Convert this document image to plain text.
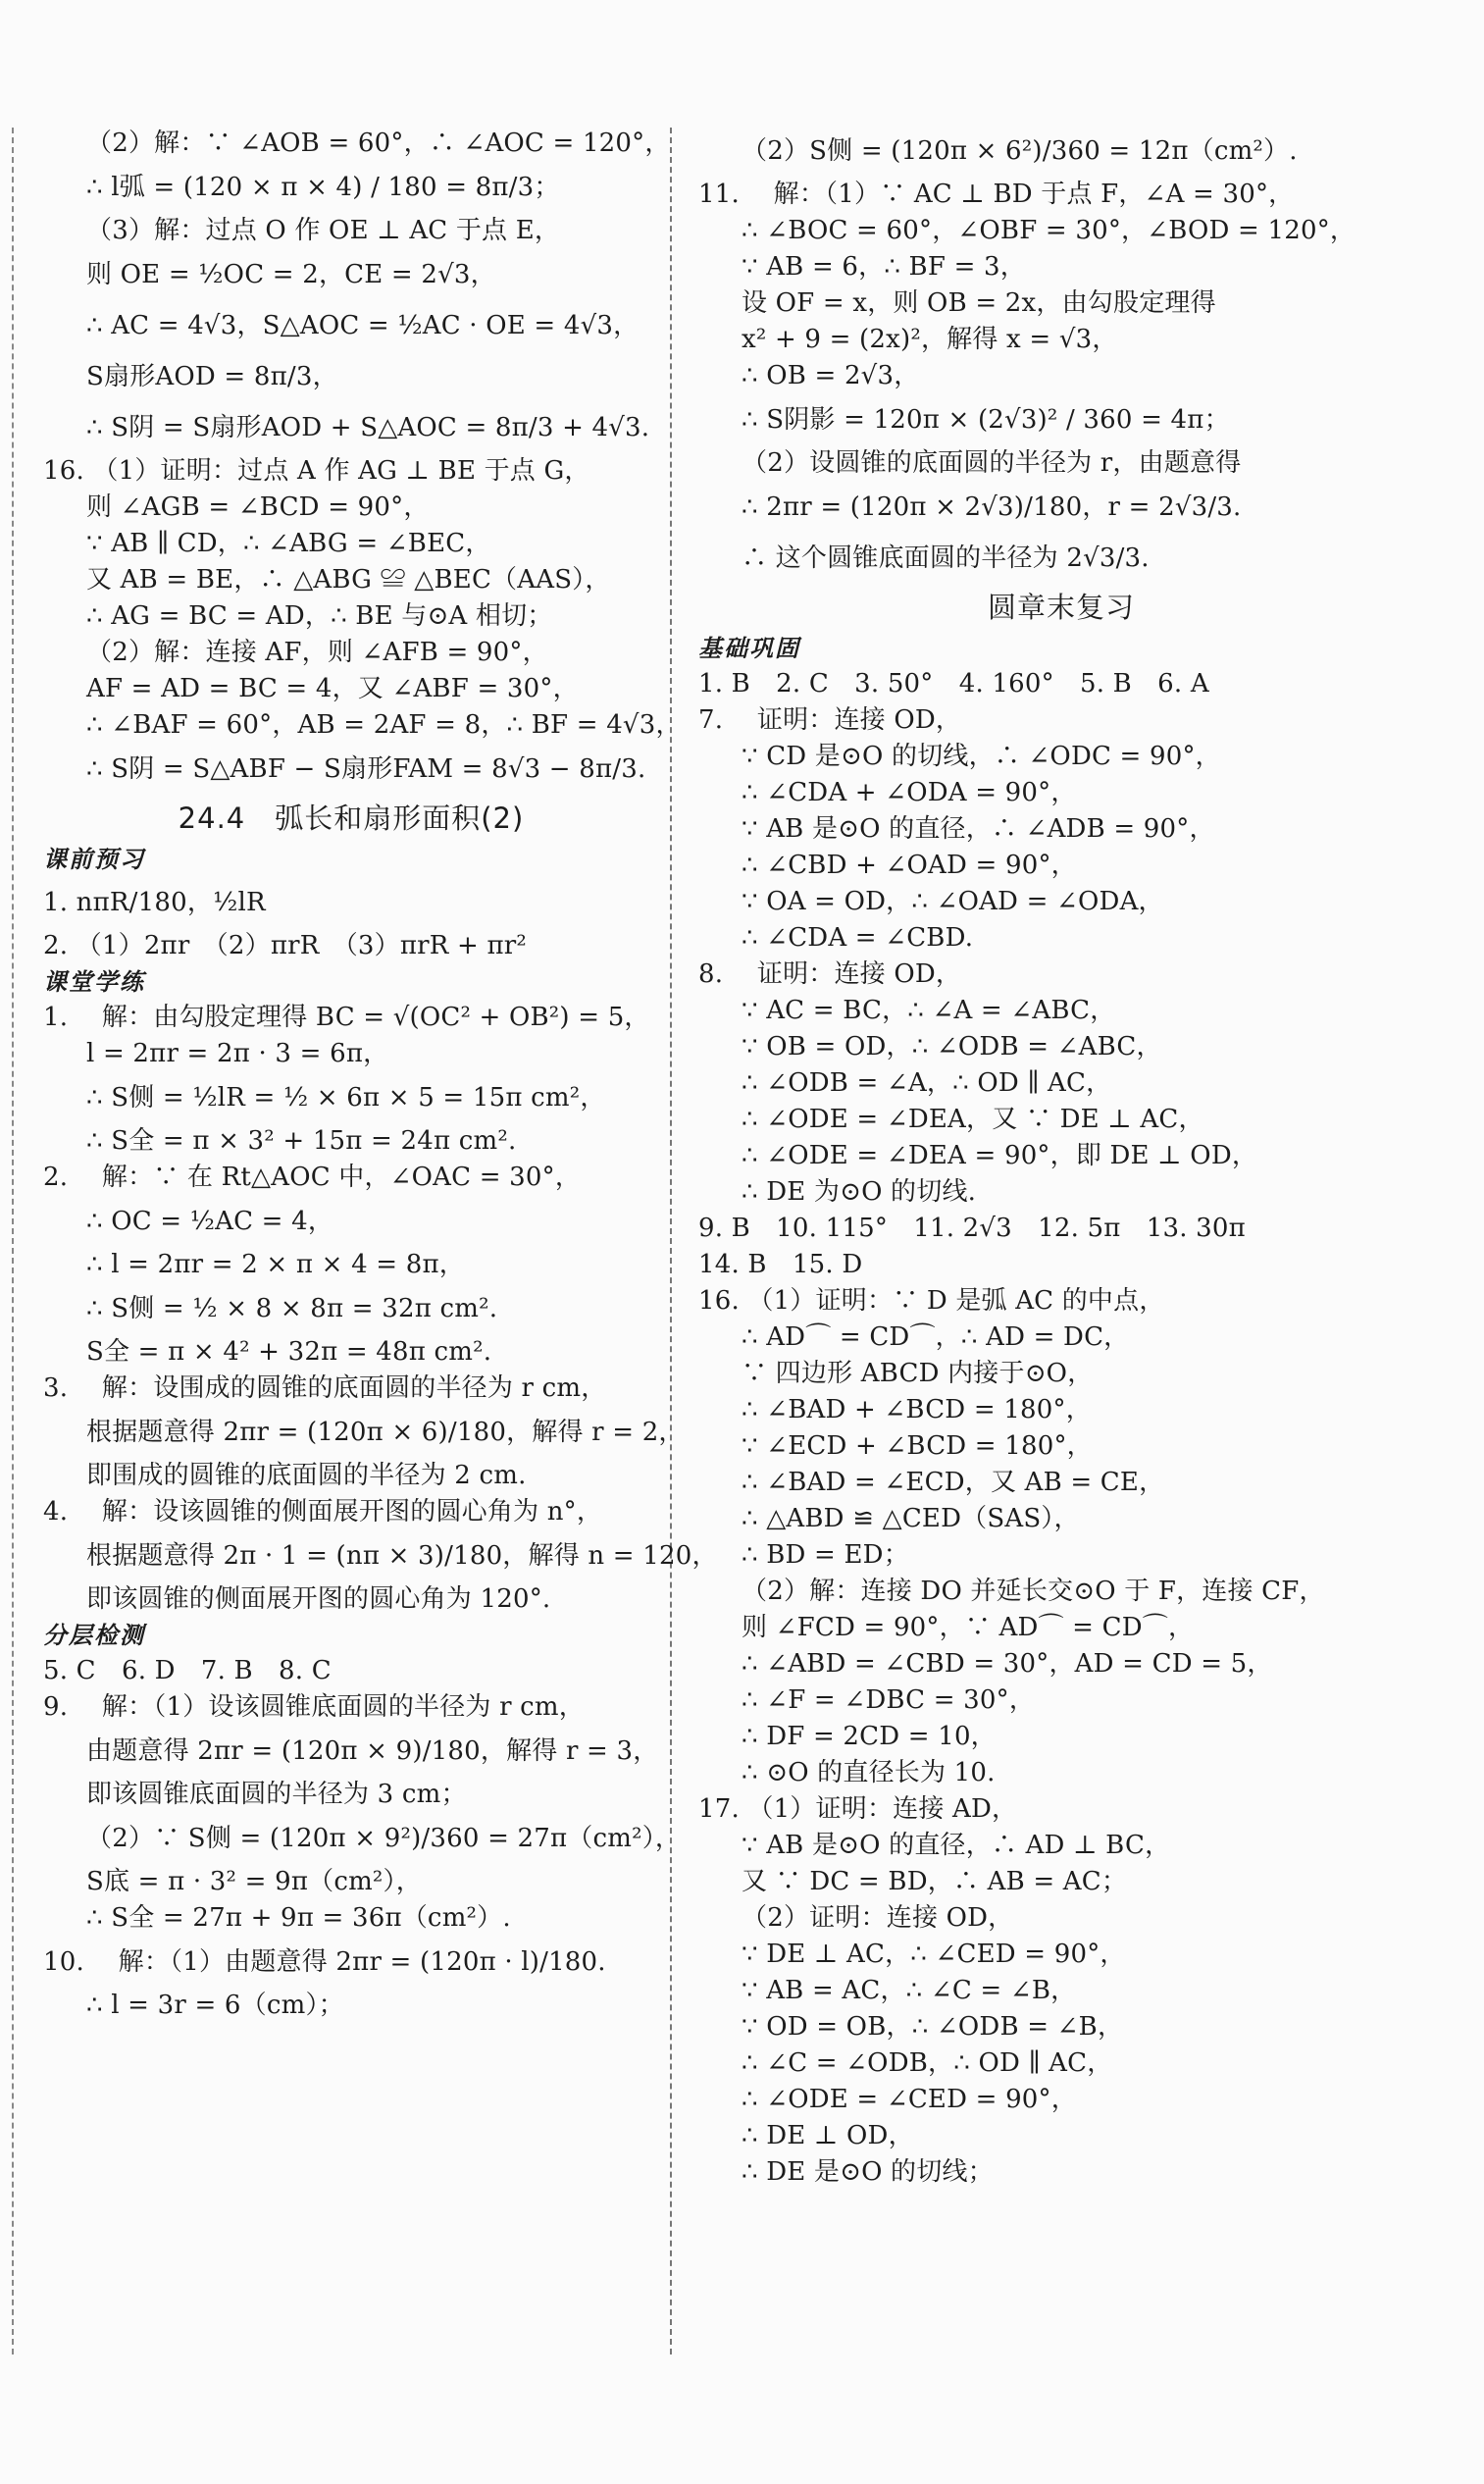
（2）解：∵ ∠AOB = 60°，∴ ∠AOC = 120°，
∴ l弧 = (120 × π × 4) / 180 = 8π/3；
（3）解：过点 O 作 OE ⊥ AC 于点 E，
则 OE = ½OC = 2，CE = 2√3，
∴ AC = 4√3，S△AOC = ½AC · OE = 4√3，
S扇形AOD = 8π/3，
∴ S阴 = S扇形AOD + S△AOC = 8π/3 + 4√3.
16. （1）证明：过点 A 作 AG ⊥ BE 于点 G，
则 ∠AGB = ∠BCD = 90°，
∵ AB ∥ CD，∴ ∠ABG = ∠BEC，
又 AB = BE，∴ △ABG ≌ △BEC（AAS），
∴ AG = BC = AD，∴ BE 与⊙A 相切；
（2）解：连接 AF，则 ∠AFB = 90°，
AF = AD = BC = 4，又 ∠ABF = 30°，
∴ ∠BAF = 60°，AB = 2AF = 8，∴ BF = 4√3，
∴ S阴 = S△ABF − S扇形FAM = 8√3 − 8π/3.
24.4　弧长和扇形面积(2)
课前预习
1. nπR/180，½lR
2. （1）2πr　（2）πrR　（3）πrR + πr²
课堂学练
1. 　解：由勾股定理得 BC = √(OC² + OB²) = 5，
l = 2πr = 2π · 3 = 6π，
∴ S侧 = ½lR = ½ × 6π × 5 = 15π cm²，
∴ S全 = π × 3² + 15π = 24π cm².
2. 　解：∵ 在 Rt△AOC 中，∠OAC = 30°，
∴ OC = ½AC = 4，
∴ l = 2πr = 2 × π × 4 = 8π，
∴ S侧 = ½ × 8 × 8π = 32π cm².
S全 = π × 4² + 32π = 48π cm².
3. 　解：设围成的圆锥的底面圆的半径为 r cm，
根据题意得 2πr = (120π × 6)/180，解得 r = 2，
即围成的圆锥的底面圆的半径为 2 cm.
4. 　解：设该圆锥的侧面展开图的圆心角为 n°，
根据题意得 2π · 1 = (nπ × 3)/180，解得 n = 120，
即该圆锥的侧面展开图的圆心角为 120°.
分层检测
5. C　6. D　7. B　8. C
9. 　解：（1）设该圆锥底面圆的半径为 r cm，
由题意得 2πr = (120π × 9)/180，解得 r = 3，
即该圆锥底面圆的半径为 3 cm；
（2）∵ S侧 = (120π × 9²)/360 = 27π（cm²），
S底 = π · 3² = 9π（cm²），
∴ S全 = 27π + 9π = 36π（cm²）.
10. 　解：（1）由题意得 2πr = (120π · l)/180.
∴ l = 3r = 6（cm）；
（2）S侧 = (120π × 6²)/360 = 12π（cm²）.
11. 　解：（1）∵ AC ⊥ BD 于点 F，∠A = 30°，
∴ ∠BOC = 60°，∠OBF = 30°，∠BOD = 120°，
∵ AB = 6，∴ BF = 3，
设 OF = x，则 OB = 2x，由勾股定理得
x² + 9 = (2x)²，解得 x = √3，
∴ OB = 2√3，
∴ S阴影 = 120π × (2√3)² / 360 = 4π；
（2）设圆锥的底面圆的半径为 r，由题意得
∴ 2πr = (120π × 2√3)/180，r = 2√3/3.
∴ 这个圆锥底面圆的半径为 2√3/3.
圆章末复习
基础巩固
1. B　2. C　3. 50°　4. 160°　5. B　6. A
7. 　证明：连接 OD，
∵ CD 是⊙O 的切线，∴ ∠ODC = 90°，
∴ ∠CDA + ∠ODA = 90°，
∵ AB 是⊙O 的直径，∴ ∠ADB = 90°，
∴ ∠CBD + ∠OAD = 90°，
∵ OA = OD，∴ ∠OAD = ∠ODA，
∴ ∠CDA = ∠CBD.
8. 　证明：连接 OD，
∵ AC = BC，∴ ∠A = ∠ABC，
∵ OB = OD，∴ ∠ODB = ∠ABC，
∴ ∠ODB = ∠A，∴ OD ∥ AC，
∴ ∠ODE = ∠DEA，又 ∵ DE ⊥ AC，
∴ ∠ODE = ∠DEA = 90°，即 DE ⊥ OD，
∴ DE 为⊙O 的切线.
9. B　10. 115°　11. 2√3　12. 5π　13. 30π
14. B　15. D
16. （1）证明：∵ D 是弧 AC 的中点，
∴ AD⌒ = CD⌒，∴ AD = DC，
∵ 四边形 ABCD 内接于⊙O，
∴ ∠BAD + ∠BCD = 180°，
∵ ∠ECD + ∠BCD = 180°，
∴ ∠BAD = ∠ECD，又 AB = CE，
∴ △ABD ≌ △CED（SAS），
∴ BD = ED；
（2）解：连接 DO 并延长交⊙O 于 F，连接 CF，
则 ∠FCD = 90°，∵ AD⌒ = CD⌒，
∴ ∠ABD = ∠CBD = 30°，AD = CD = 5，
∴ ∠F = ∠DBC = 30°，
∴ DF = 2CD = 10，
∴ ⊙O 的直径长为 10.
17. （1）证明：连接 AD，
∵ AB 是⊙O 的直径，∴ AD ⊥ BC，
又 ∵ DC = BD，∴ AB = AC；
（2）证明：连接 OD，
∵ DE ⊥ AC，∴ ∠CED = 90°，
∵ AB = AC，∴ ∠C = ∠B，
∵ OD = OB，∴ ∠ODB = ∠B，
∴ ∠C = ∠ODB，∴ OD ∥ AC，
∴ ∠ODE = ∠CED = 90°，
∴ DE ⊥ OD，
∴ DE 是⊙O 的切线；
